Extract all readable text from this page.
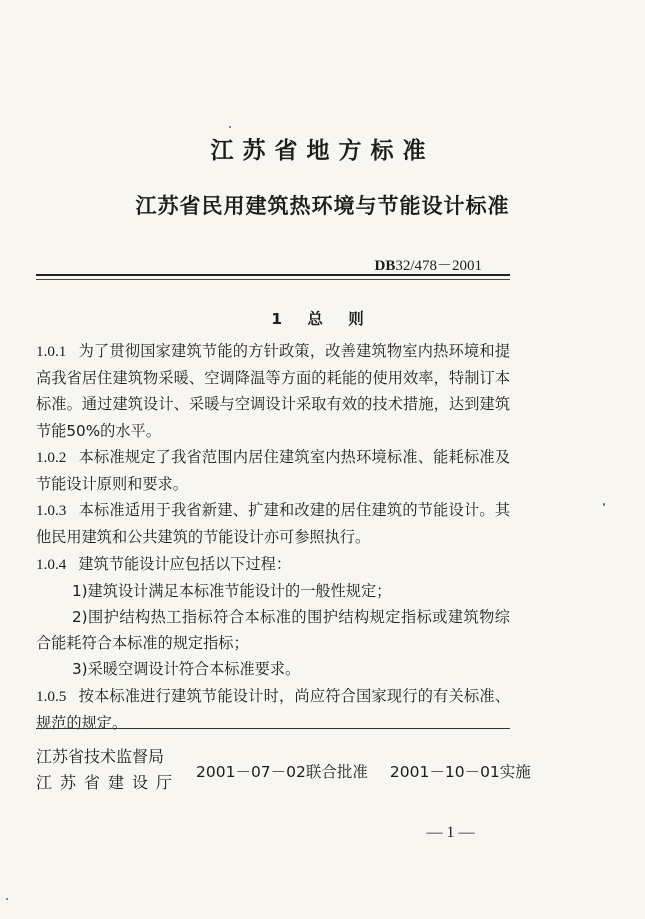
江苏省地方标准
江苏省民用建筑热环境与节能设计标准
DB32/478－2001
1 总 则

1.0.1 为了贯彻国家建筑节能的方针政策，改善建筑物室内热环境和提高我省居住建筑物采暖、空调降温等方面的耗能的使用效率，特制订本标准。通过建筑设计、采暖与空调设计采取有效的技术措施，达到建筑节能50%的水平。

1.0.2 本标准规定了我省范围内居住建筑室内热环境标准、能耗标准及节能设计原则和要求。

1.0.3 本标准适用于我省新建、扩建和改建的居住建筑的节能设计。其他民用建筑和公共建筑的节能设计亦可参照执行。

1.0.4 建筑节能设计应包括以下过程：

1)建筑设计满足本标准节能设计的一般性规定；

2)围护结构热工指标符合本标准的围护结构规定指标或建筑物综合能耗符合本标准的规定指标；

3)采暖空调设计符合本标准要求。

1.0.5 按本标准进行建筑节能设计时，尚应符合国家现行的有关标准、规范的规定。

江苏省技术监督局
江苏省建设厅
2001－07－02联合批准 2001－10－01实施
— 1 —
